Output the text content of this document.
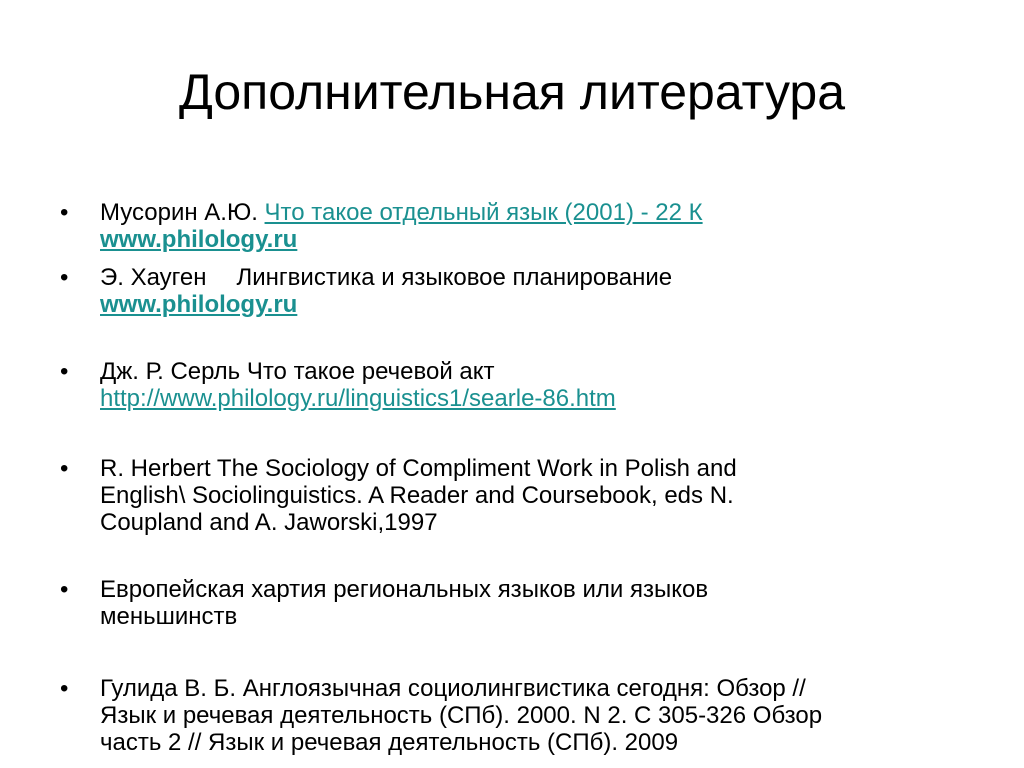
Дополнительная литература
• Мусорин А.Ю. Что такое отдельный язык (2001) - 22 К
www.philology.ru
• Э. Хауген Лингвистика и языковое планирование
www.philology.ru
• Дж. Р. Серль Что такое речевой акт
http://www.philology.ru/linguistics1/searle-86.htm
• R. Herbert The Sociology of Compliment Work in Polish and
English\ Sociolinguistics. A Reader and Coursebook, eds N.
Coupland and A. Jaworski,1997
• Европейская хартия региональных языков или языков
меньшинств
• Гулида В. Б. Англоязычная социолингвистика сегодня: Обзор //
Язык и речевая деятельность (СПб). 2000. N 2. С 305-326 Обзор
часть 2 // Язык и речевая деятельность (СПб). 2009
